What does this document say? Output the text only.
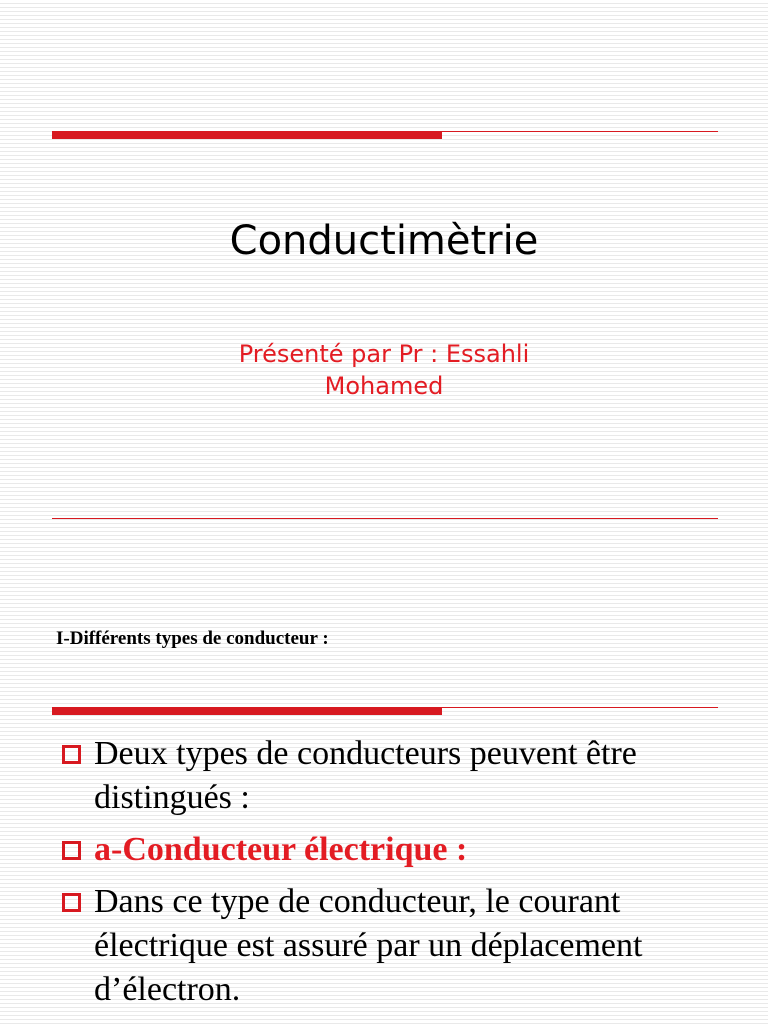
Conductimètrie
Présenté par Pr : Essahli
Mohamed
I-Différents types de conducteur :
Deux types de conducteurs peuvent être distingués :
a-Conducteur électrique :
Dans ce type de conducteur, le courant électrique est assuré par un déplacement d’électron.
